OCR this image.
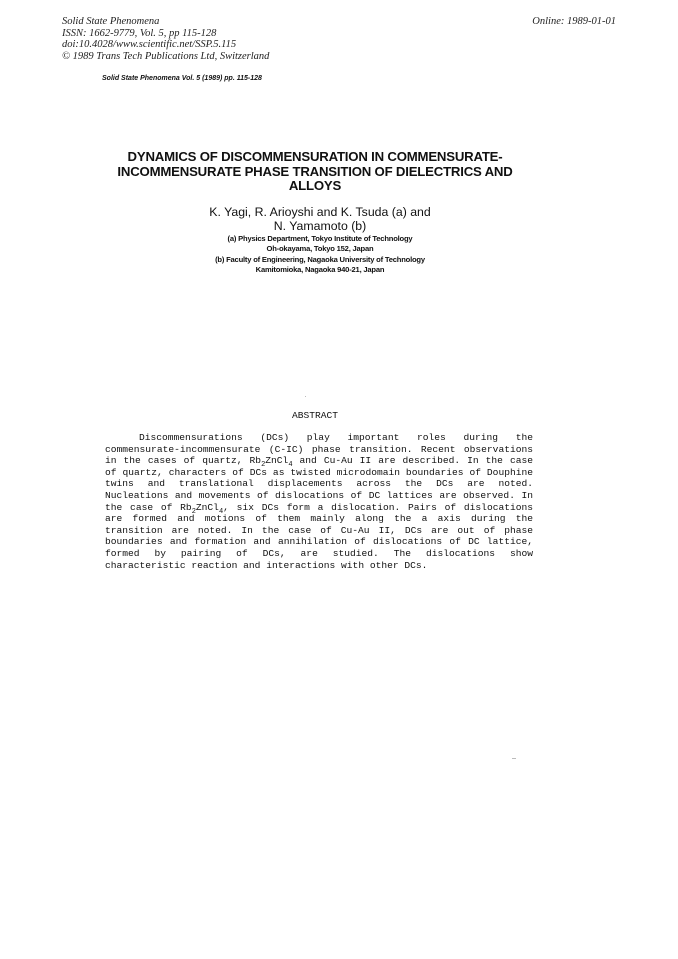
Solid State Phenomena
ISSN: 1662-9779, Vol. 5, pp 115-128
doi:10.4028/www.scientific.net/SSP.5.115
© 1989 Trans Tech Publications Ltd, Switzerland
Online: 1989-01-01
Solid State Phenomena Vol. 5 (1989) pp. 115-128
DYNAMICS OF DISCOMMENSURATION IN COMMENSURATE-
INCOMMENSURATE PHASE TRANSITION OF DIELECTRICS AND
ALLOYS
K. Yagi, R. Arioyshi and K. Tsuda (a) and
N. Yamamoto (b)
(a) Physics Department, Tokyo Institute of Technology
Oh-okayama, Tokyo 152, Japan
(b) Faculty of Engineering, Nagaoka University of Technology
Kamitomioka, Nagaoka 940-21, Japan
ABSTRACT

Discommensurations (DCs) play important roles during the commensurate-incommensurate (C-IC) phase transition. Recent observations in the cases of quartz, $Rb_2ZnCl_4$ and Cu-Au II are described. In the case of quartz, characters of DCs as twisted microdomain boundaries of Douphine twins and translational displacements across the DCs are noted. Nucleations and movements of dislocations of DC lattices are observed. In the case of $Rb_2ZnCl_4$, six DCs form a dislocation. Pairs of dislocations are formed and motions of them mainly along the a axis during the transition are noted. In the case of Cu-Au II, DCs are out of phase boundaries and formation and annihilation of dislocations of DC lattice, formed by pairing of DCs, are studied. The dislocations show characteristic reaction and interactions with other DCs.
